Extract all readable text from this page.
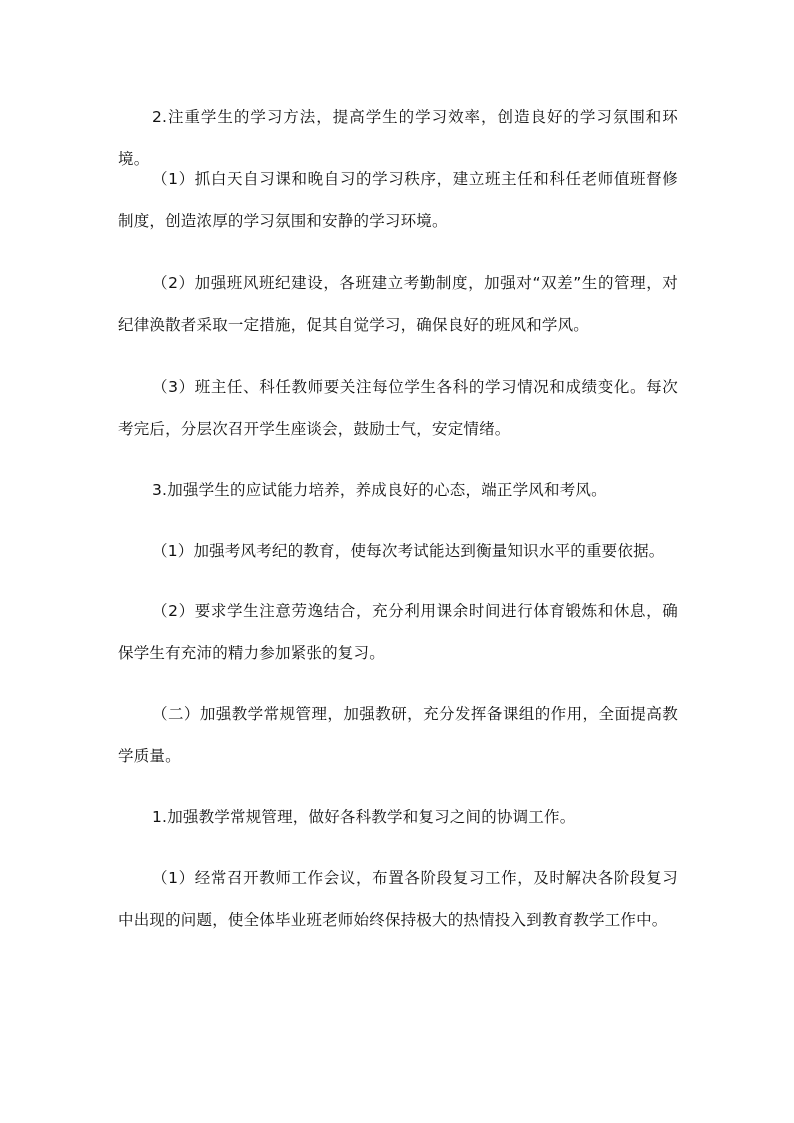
2.注重学生的学习方法，提高学生的学习效率，创造良好的学习氛围和环境。

（1）抓白天自习课和晚自习的学习秩序，建立班主任和科任老师值班督修制度，创造浓厚的学习氛围和安静的学习环境。

（2）加强班风班纪建设，各班建立考勤制度，加强对“双差”生的管理，对纪律涣散者采取一定措施，促其自觉学习，确保良好的班风和学风。

（3）班主任、科任教师要关注每位学生各科的学习情况和成绩变化。每次考完后，分层次召开学生座谈会，鼓励士气，安定情绪。

3.加强学生的应试能力培养，养成良好的心态，端正学风和考风。

（1）加强考风考纪的教育，使每次考试能达到衡量知识水平的重要依据。

（2）要求学生注意劳逸结合，充分利用课余时间进行体育锻炼和休息，确保学生有充沛的精力参加紧张的复习。

（二）加强教学常规管理，加强教研，充分发挥备课组的作用，全面提高教学质量。

1.加强教学常规管理，做好各科教学和复习之间的协调工作。

（1）经常召开教师工作会议，布置各阶段复习工作，及时解决各阶段复习中出现的问题，使全体毕业班老师始终保持极大的热情投入到教育教学工作中。
